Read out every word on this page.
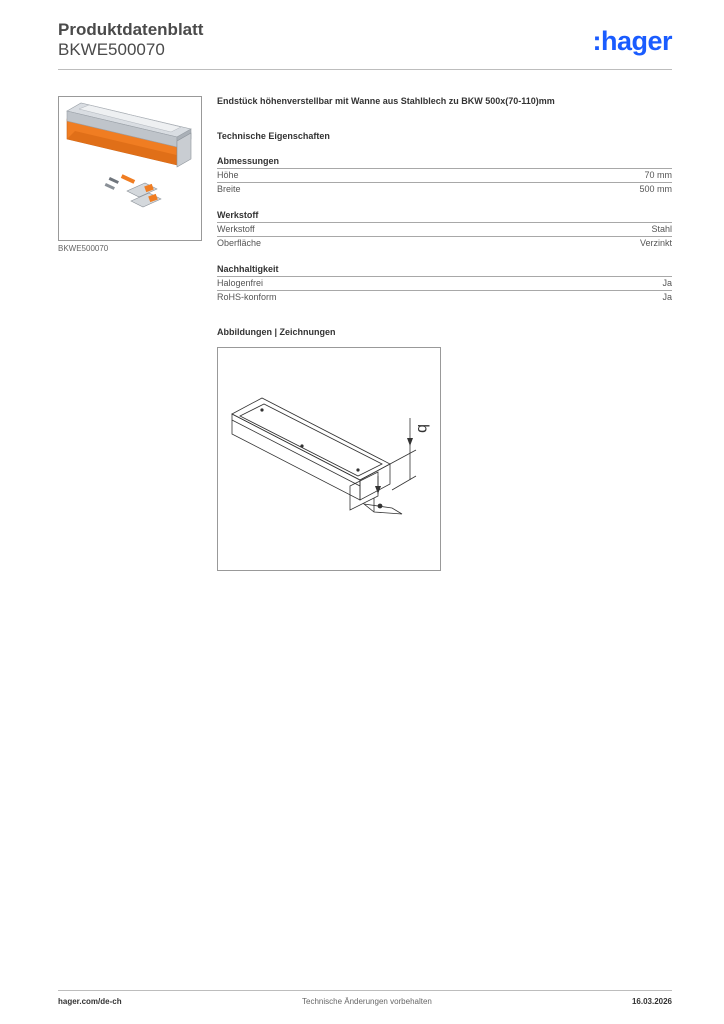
Produktdatenblatt
BKWE500070	:hager
BKWE500070
Endstück höhenverstellbar mit Wanne aus Stahlblech zu BKW 500x(70-110)mm
Technische Eigenschaften
Abmessungen
Höhe	70 mm
Breite	500 mm
Werkstoff
Werkstoff	Stahl
Oberfläche	Verzinkt
Nachhaltigkeit
Halogenfrei	Ja
RoHS-konform	Ja
Abbildungen | Zeichnungen
b
hager.com/de-ch	Technische Änderungen vorbehalten	16.03.2026
